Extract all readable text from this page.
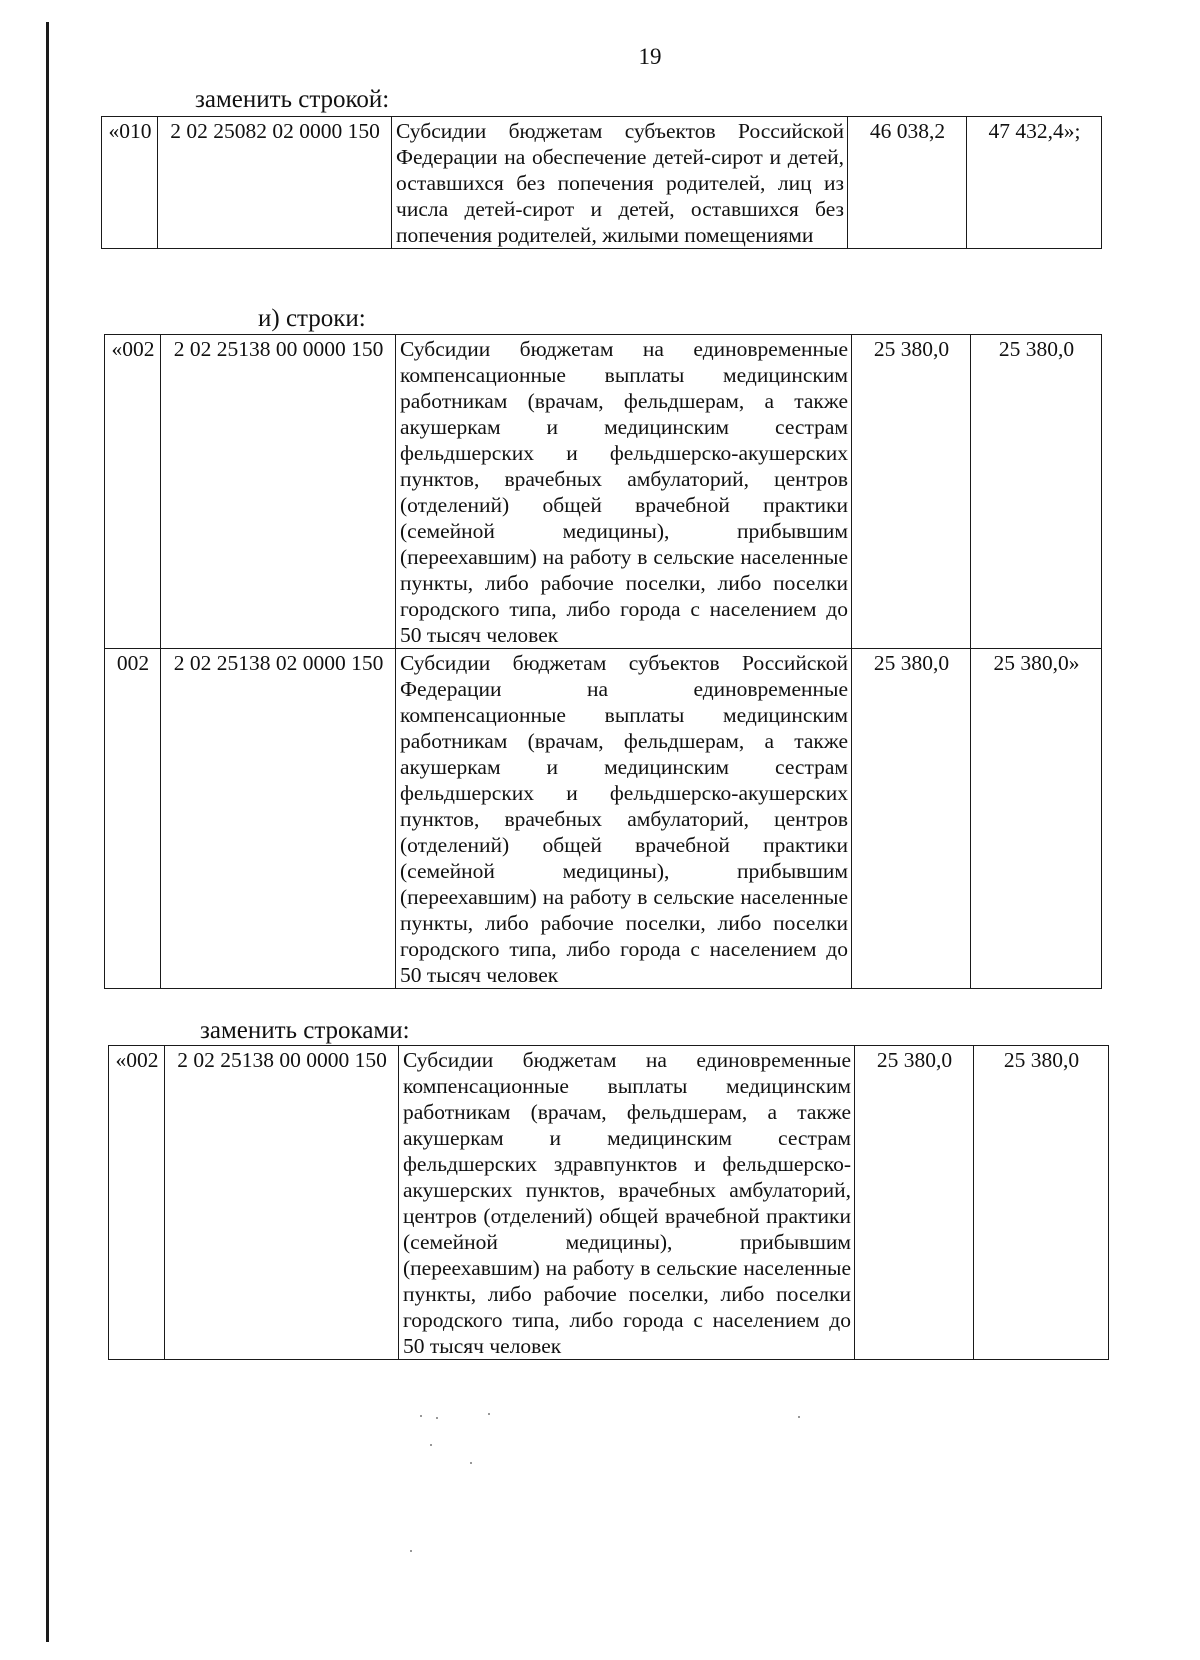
19
заменить строкой:
«010	2 02 25082 02 0000 150	Субсидии бюджетам субъектов Российской Федерации на обеспечение детей-сирот и детей, оставшихся без попечения родителей, лиц из числа детей-сирот и детей, оставшихся без попечения родителей, жилыми помещениями	46 038,2	47 432,4»;
и) строки:
«002	2 02 25138 00 0000 150	Субсидии бюджетам на единовременные компенсационные выплаты медицинским работникам (врачам, фельдшерам, а также акушеркам и медицинским сестрам фельдшерских и фельдшерско-акушерских пунктов, врачебных амбулаторий, центров (отделений) общей врачебной практики (семейной медицины), прибывшим (переехавшим) на работу в сельские населенные пункты, либо рабочие поселки, либо поселки городского типа, либо города с населением до 50 тысяч человек	25 380,0	25 380,0
002	2 02 25138 02 0000 150	Субсидии бюджетам субъектов Российской Федерации на единовременные компенсационные выплаты медицинским работникам (врачам, фельдшерам, а также акушеркам и медицинским сестрам фельдшерских и фельдшерско-акушерских пунктов, врачебных амбулаторий, центров (отделений) общей врачебной практики (семейной медицины), прибывшим (переехавшим) на работу в сельские населенные пункты, либо рабочие поселки, либо поселки городского типа, либо города с населением до 50 тысяч человек	25 380,0	25 380,0»
заменить строками:
«002	2 02 25138 00 0000 150	Субсидии бюджетам на единовременные компенсационные выплаты медицинским работникам (врачам, фельдшерам, а также акушеркам и медицинским сестрам фельдшерских здравпунктов и фельдшерско-акушерских пунктов, врачебных амбулаторий, центров (отделений) общей врачебной практики (семейной медицины), прибывшим (переехавшим) на работу в сельские населенные пункты, либо рабочие поселки, либо поселки городского типа, либо города с населением до 50 тысяч человек	25 380,0	25 380,0
